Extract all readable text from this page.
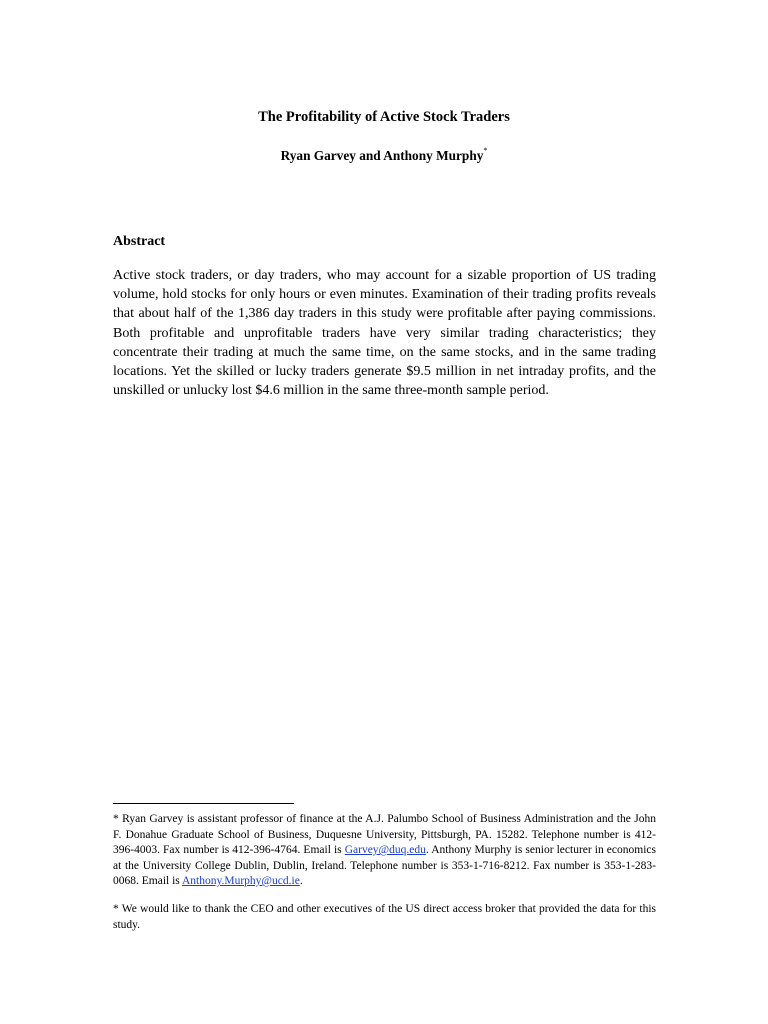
The Profitability of Active Stock Traders
Ryan Garvey and Anthony Murphy*
Abstract
Active stock traders, or day traders, who may account for a sizable proportion of US trading volume, hold stocks for only hours or even minutes. Examination of their trading profits reveals that about half of the 1,386 day traders in this study were profitable after paying commissions. Both profitable and unprofitable traders have very similar trading characteristics; they concentrate their trading at much the same time, on the same stocks, and in the same trading locations. Yet the skilled or lucky traders generate $9.5 million in net intraday profits, and the unskilled or unlucky lost $4.6 million in the same three-month sample period.
* Ryan Garvey is assistant professor of finance at the A.J. Palumbo School of Business Administration and the John F. Donahue Graduate School of Business, Duquesne University, Pittsburgh, PA. 15282. Telephone number is 412-396-4003. Fax number is 412-396-4764. Email is Garvey@duq.edu. Anthony Murphy is senior lecturer in economics at the University College Dublin, Dublin, Ireland. Telephone number is 353-1-716-8212. Fax number is 353-1-283-0068. Email is Anthony.Murphy@ucd.ie.
* We would like to thank the CEO and other executives of the US direct access broker that provided the data for this study.
